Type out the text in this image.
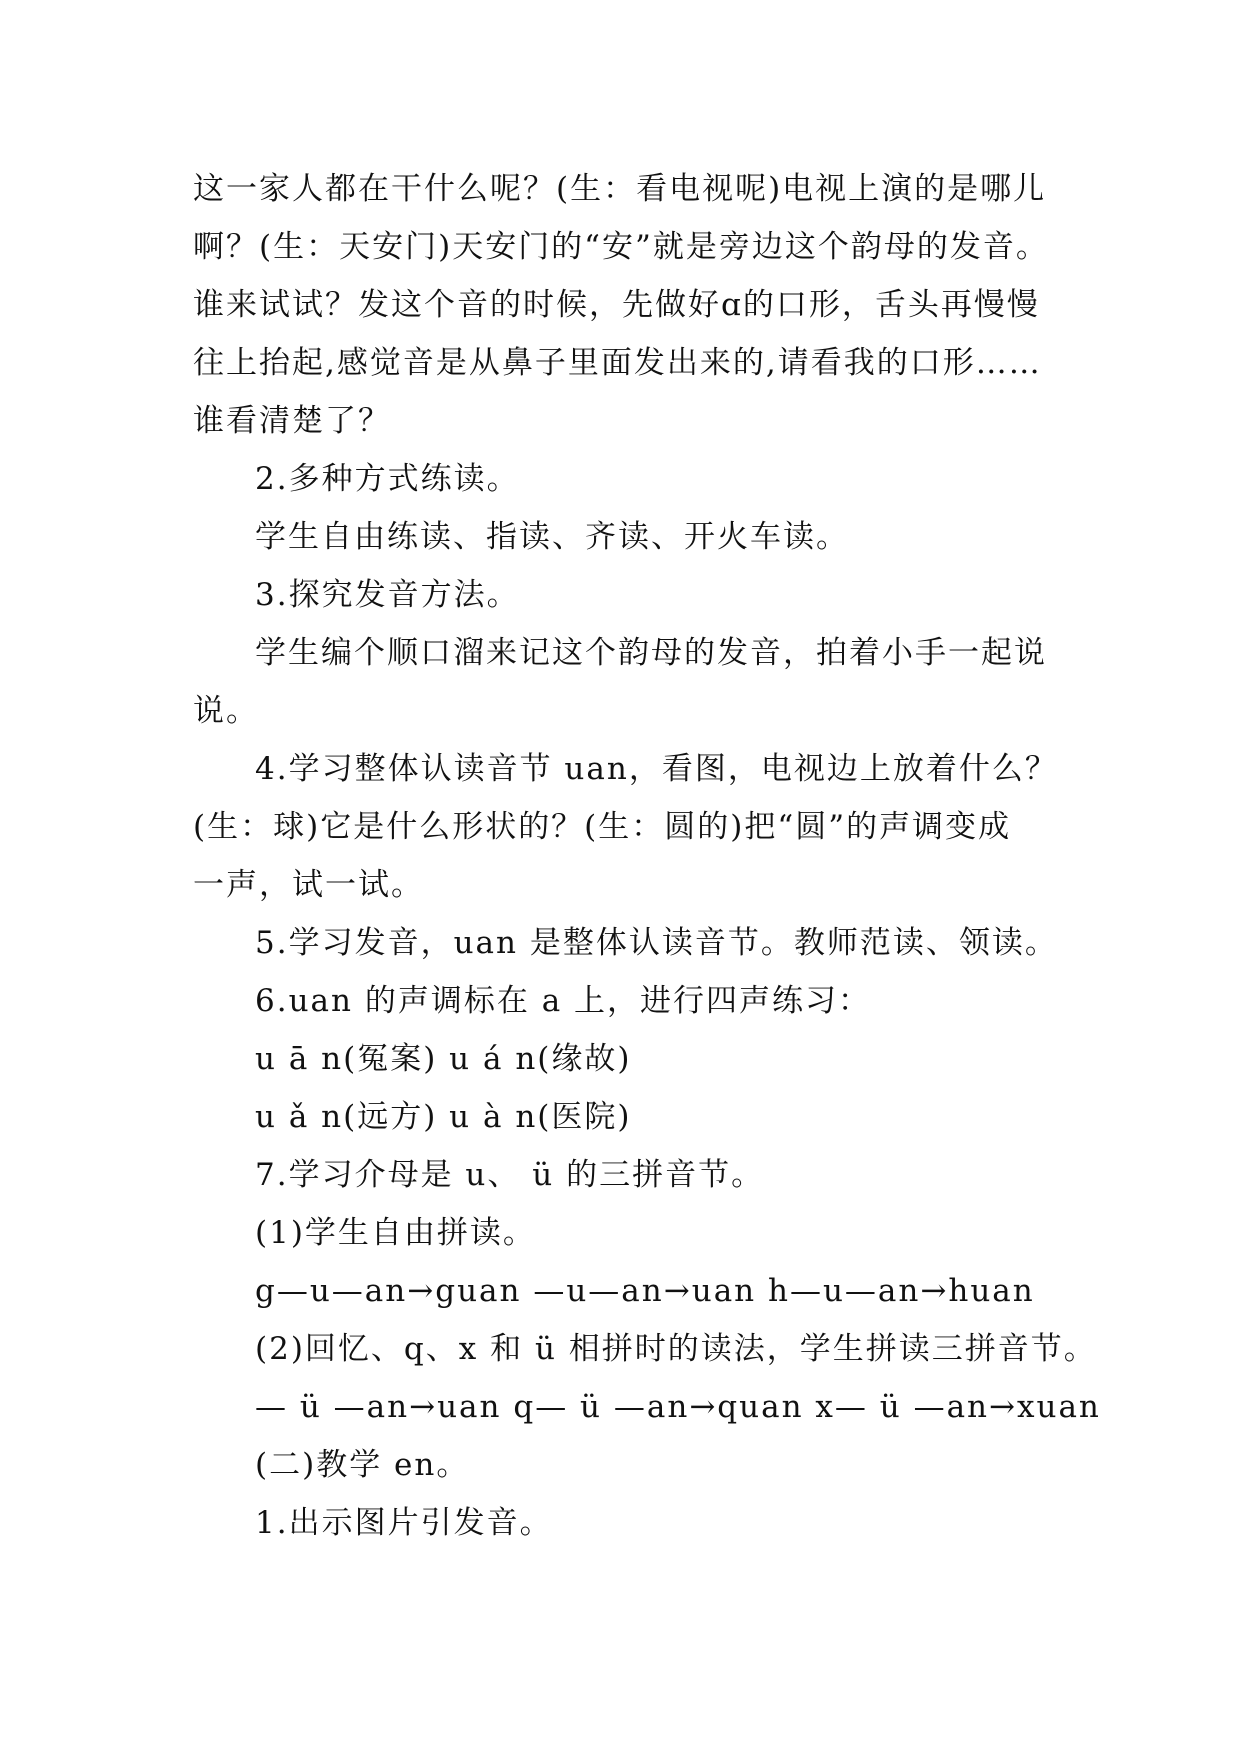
这一家人都在干什么呢？(生：看电视呢)电视上演的是哪儿
啊？(生：天安门)天安门的“安”就是旁边这个韵母的发音。
谁来试试？发这个音的时候，先做好ɑ的口形，舌头再慢慢
往上抬起,感觉音是从鼻子里面发出来的,请看我的口形……
谁看清楚了？
2.多种方式练读。
学生自由练读、指读、齐读、开火车读。
3.探究发音方法。
学生编个顺口溜来记这个韵母的发音，拍着小手一起说
说。
4.学习整体认读音节 uan，看图，电视边上放着什么？
(生：球)它是什么形状的？(生：圆的)把“圆”的声调变成
一声，试一试。
5.学习发音，uan 是整体认读音节。教师范读、领读。
6.uan 的声调标在 a 上，进行四声练习：
u ā n(冤案) u á n(缘故)
u ǎ n(远方) u à n(医院)
7.学习介母是 u、 ü 的三拼音节。
(1)学生自由拼读。
g—u—an→guan —u—an→uan h—u—an→huan
(2)回忆、q、x 和 ü 相拼时的读法，学生拼读三拼音节。
— ü —an→uan q— ü —an→quan x— ü —an→xuan
(二)教学 en。
1.出示图片引发音。
